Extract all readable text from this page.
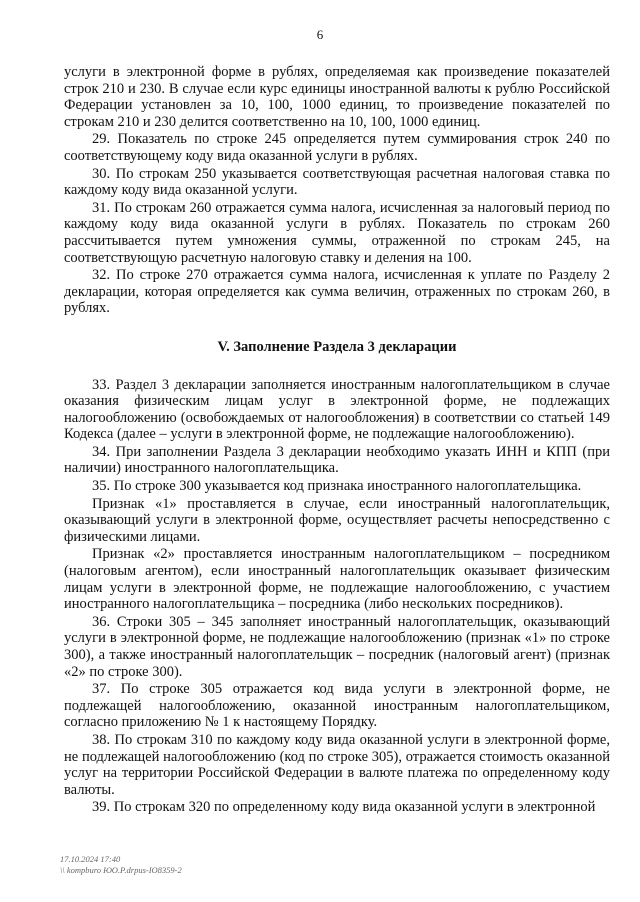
6

услуги в электронной форме в рублях, определяемая как произведение показателей строк 210 и 230. В случае если курс единицы иностранной валюты к рублю Российской Федерации установлен за 10, 100, 1000 единиц, то произведение показателей по строкам 210 и 230 делится соответственно на 10, 100, 1000 единиц.

29. Показатель по строке 245 определяется путем суммирования строк 240 по соответствующему коду вида оказанной услуги в рублях.

30. По строкам 250 указывается соответствующая расчетная налоговая ставка по каждому коду вида оказанной услуги.

31. По строкам 260 отражается сумма налога, исчисленная за налоговый период по каждому коду вида оказанной услуги в рублях. Показатель по строкам 260 рассчитывается путем умножения суммы, отраженной по строкам 245, на соответствующую расчетную налоговую ставку и деления на 100.

32. По строке 270 отражается сумма налога, исчисленная к уплате по Разделу 2 декларации, которая определяется как сумма величин, отраженных по строкам 260, в рублях.

V. Заполнение Раздела 3 декларации

33. Раздел 3 декларации заполняется иностранным налогоплательщиком в случае оказания физическим лицам услуг в электронной форме, не подлежащих налогообложению (освобождаемых от налогообложения) в соответствии со статьей 149 Кодекса (далее – услуги в электронной форме, не подлежащие налогообложению).

34. При заполнении Раздела 3 декларации необходимо указать ИНН и КПП (при наличии) иностранного налогоплательщика.

35. По строке 300 указывается код признака иностранного налогоплательщика.

Признак «1» проставляется в случае, если иностранный налогоплательщик, оказывающий услуги в электронной форме, осуществляет расчеты непосредственно с физическими лицами.

Признак «2» проставляется иностранным налогоплательщиком – посредником (налоговым агентом), если иностранный налогоплательщик оказывает физическим лицам услуги в электронной форме, не подлежащие налогообложению, с участием иностранного налогоплательщика – посредника (либо нескольких посредников).

36. Строки 305 – 345 заполняет иностранный налогоплательщик, оказывающий услуги в электронной форме, не подлежащие налогообложению (признак «1» по строке 300), а также иностранный налогоплательщик – посредник (налоговый агент) (признак «2» по строке 300).

37. По строке 305 отражается код вида услуги в электронной форме, не подлежащей налогообложению, оказанной иностранным налогоплательщиком, согласно приложению № 1 к настоящему Порядку.

38. По строкам 310 по каждому коду вида оказанной услуги в электронной форме, не подлежащей налогообложению (код по строке 305), отражается стоимость оказанной услуг на территории Российской Федерации в валюте платежа по определенному коду валюты.

39. По строкам 320 по определенному коду вида оказанной услуги в электронной

17.10.2024 17:40
\\ kompburo ЮО.Р.drpus-IO8359-2
